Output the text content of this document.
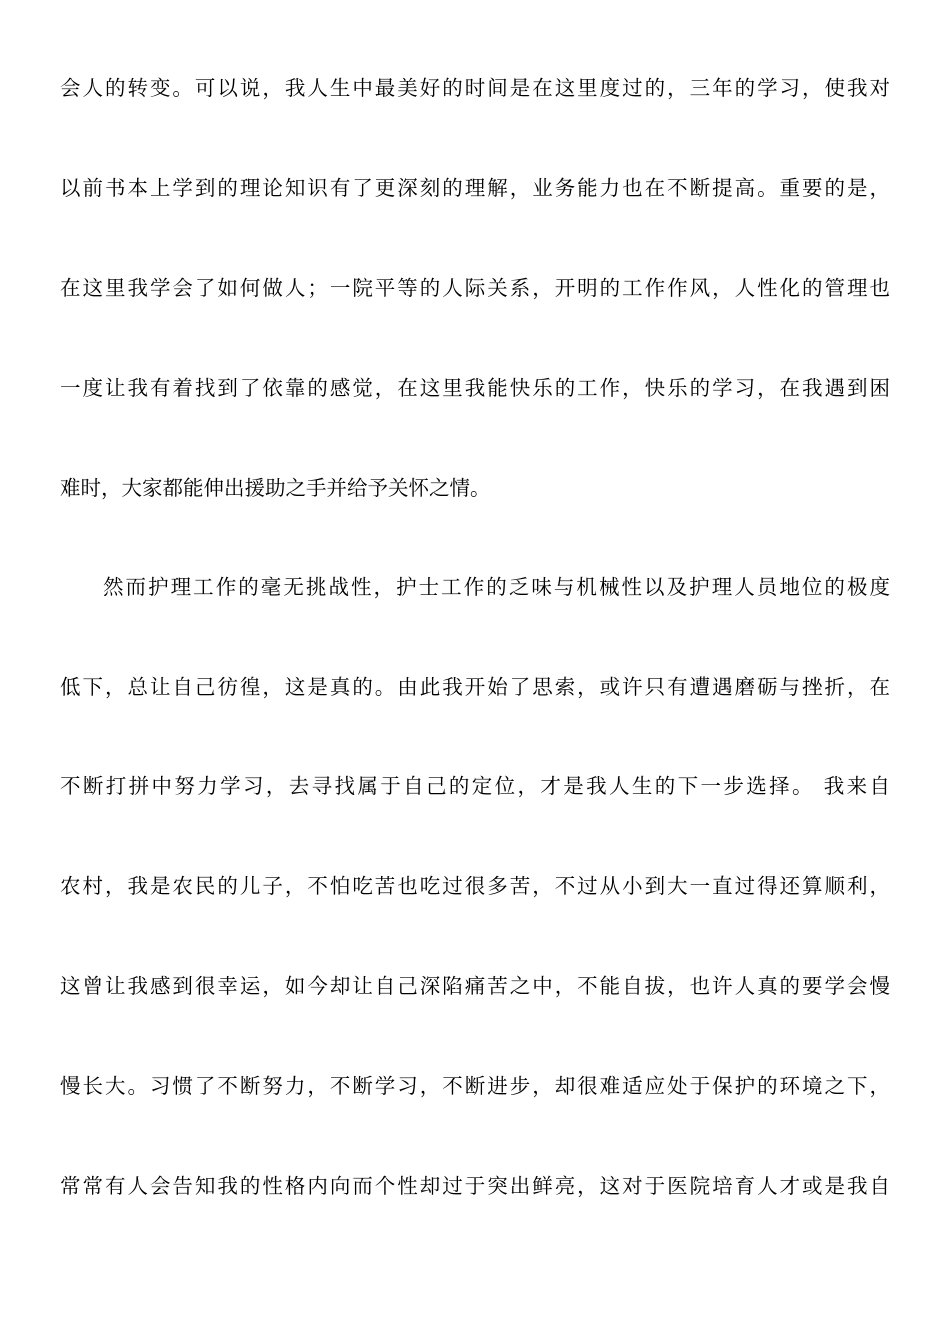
会人的转变。可以说，我人生中最美好的时间是在这里度过的，三年的学习，使我对
以前书本上学到的理论知识有了更深刻的理解，业务能力也在不断提高。重要的是，
在这里我学会了如何做人；一院平等的人际关系，开明的工作作风，人性化的管理也
一度让我有着找到了依靠的感觉，在这里我能快乐的工作，快乐的学习，在我遇到困
难时，大家都能伸出援助之手并给予关怀之情。
然而护理工作的毫无挑战性，护士工作的乏味与机械性以及护理人员地位的极度
低下，总让自己彷徨，这是真的。由此我开始了思索，或许只有遭遇磨砺与挫折，在
不断打拼中努力学习，去寻找属于自己的定位，才是我人生的下一步选择。 我来自
农村，我是农民的儿子，不怕吃苦也吃过很多苦，不过从小到大一直过得还算顺利，
这曾让我感到很幸运，如今却让自己深陷痛苦之中，不能自拔，也许人真的要学会慢
慢长大。习惯了不断努力，不断学习，不断进步，却很难适应处于保护的环境之下，
常常有人会告知我的性格内向而个性却过于突出鲜亮，这对于医院培育人才或是我自
